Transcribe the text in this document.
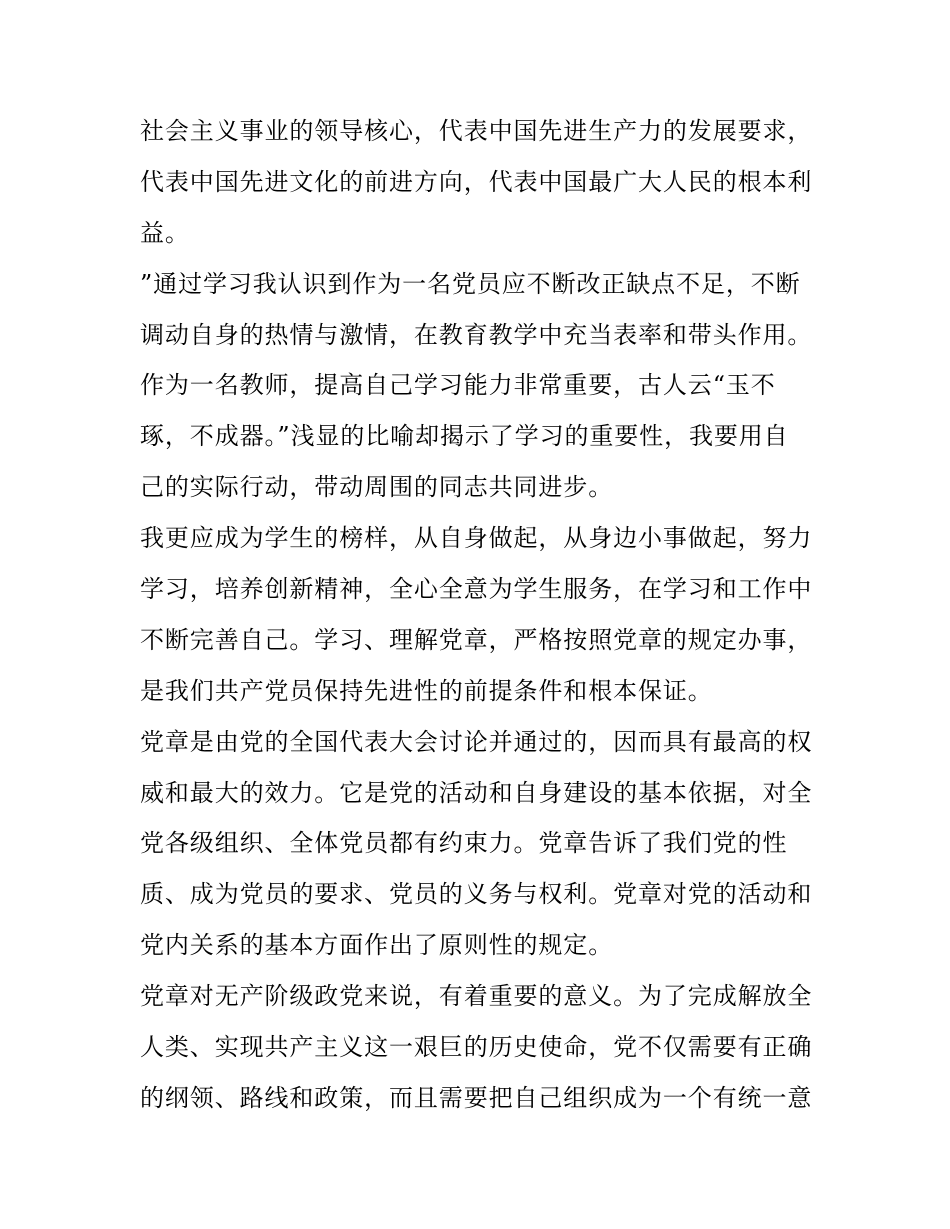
社会主义事业的领导核心，代表中国先进生产力的发展要求，
代表中国先进文化的前进方向，代表中国最广大人民的根本利
益。
”通过学习我认识到作为一名党员应不断改正缺点不足，不断
调动自身的热情与激情，在教育教学中充当表率和带头作用。
作为一名教师，提高自己学习能力非常重要，古人云“玉不
琢，不成器。”浅显的比喻却揭示了学习的重要性，我要用自
己的实际行动，带动周围的同志共同进步。
我更应成为学生的榜样，从自身做起，从身边小事做起，努力
学习，培养创新精神，全心全意为学生服务，在学习和工作中
不断完善自己。学习、理解党章，严格按照党章的规定办事，
是我们共产党员保持先进性的前提条件和根本保证。
党章是由党的全国代表大会讨论并通过的，因而具有最高的权
威和最大的效力。它是党的活动和自身建设的基本依据，对全
党各级组织、全体党员都有约束力。党章告诉了我们党的性
质、成为党员的要求、党员的义务与权利。党章对党的活动和
党内关系的基本方面作出了原则性的规定。
党章对无产阶级政党来说，有着重要的意义。为了完成解放全
人类、实现共产主义这一艰巨的历史使命，党不仅需要有正确
的纲领、路线和政策，而且需要把自己组织成为一个有统一意
